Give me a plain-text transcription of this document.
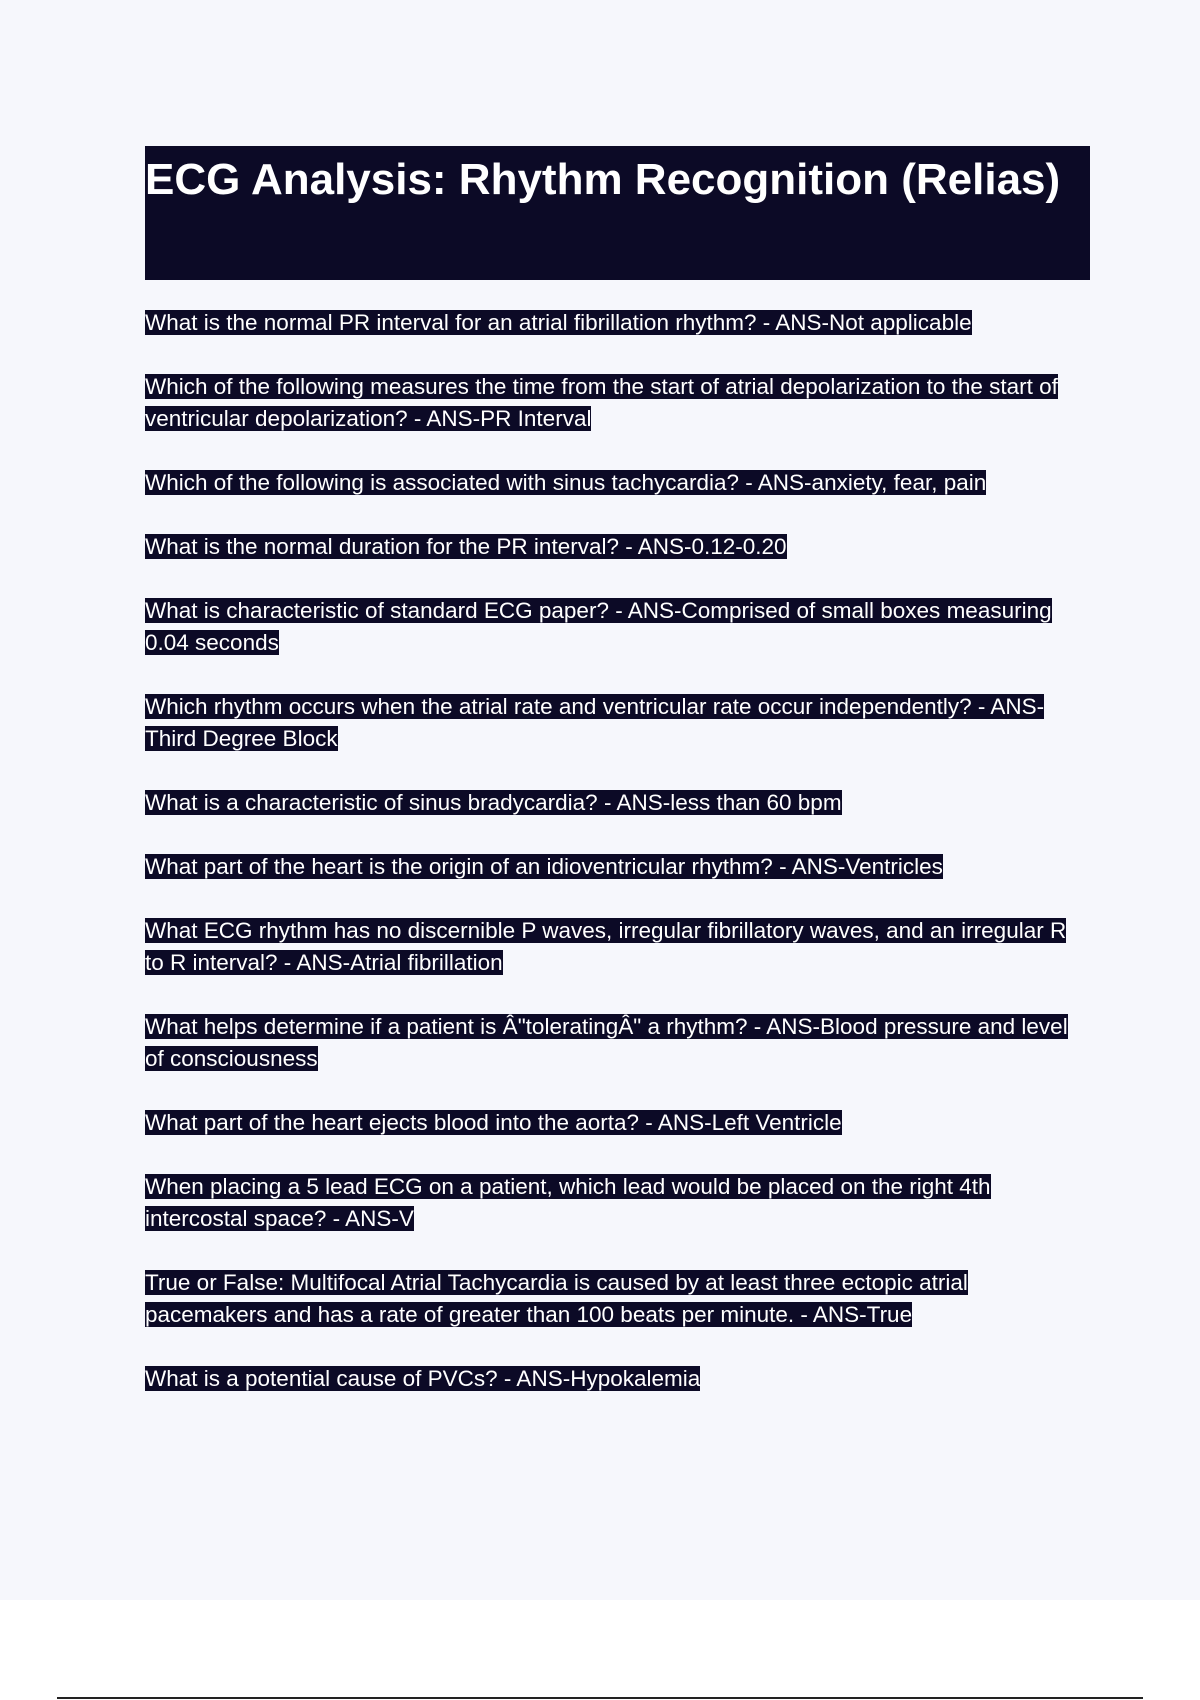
ECG Analysis: Rhythm Recognition (Relias)

What is the normal PR interval for an atrial fibrillation rhythm? - ANS-Not applicable

Which of the following measures the time from the start of atrial depolarization to the start of ventricular depolarization? - ANS-PR Interval

Which of the following is associated with sinus tachycardia? - ANS-anxiety, fear, pain

What is the normal duration for the PR interval? - ANS-0.12-0.20

What is characteristic of standard ECG paper? - ANS-Comprised of small boxes measuring 0.04 seconds

Which rhythm occurs when the atrial rate and ventricular rate occur independently? - ANS-Third Degree Block

What is a characteristic of sinus bradycardia? - ANS-less than 60 bpm

What part of the heart is the origin of an idioventricular rhythm? - ANS-Ventricles

What ECG rhythm has no discernible P waves, irregular fibrillatory waves, and an irregular R to R interval? - ANS-Atrial fibrillation

What helps determine if a patient is Â"toleratingÂ" a rhythm? - ANS-Blood pressure and level of consciousness

What part of the heart ejects blood into the aorta? - ANS-Left Ventricle

When placing a 5 lead ECG on a patient, which lead would be placed on the right 4th intercostal space? - ANS-V

True or False: Multifocal Atrial Tachycardia is caused by at least three ectopic atrial pacemakers and has a rate of greater than 100 beats per minute. - ANS-True

What is a potential cause of PVCs? - ANS-Hypokalemia
